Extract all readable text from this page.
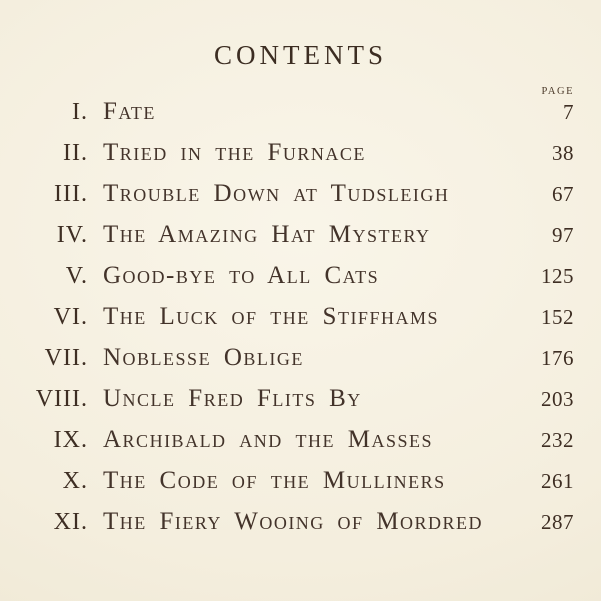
CONTENTS
PAGE
I. Fate	7
II. Tried in the Furnace	38
III. Trouble Down at Tudsleigh	67
IV. The Amazing Hat Mystery	97
V. Good-bye to All Cats	125
VI. The Luck of the Stiffhams	152
VII. Noblesse Oblige	176
VIII. Uncle Fred Flits By	203
IX. Archibald and the Masses	232
X. The Code of the Mulliners	261
XI. The Fiery Wooing of Mordred	287
